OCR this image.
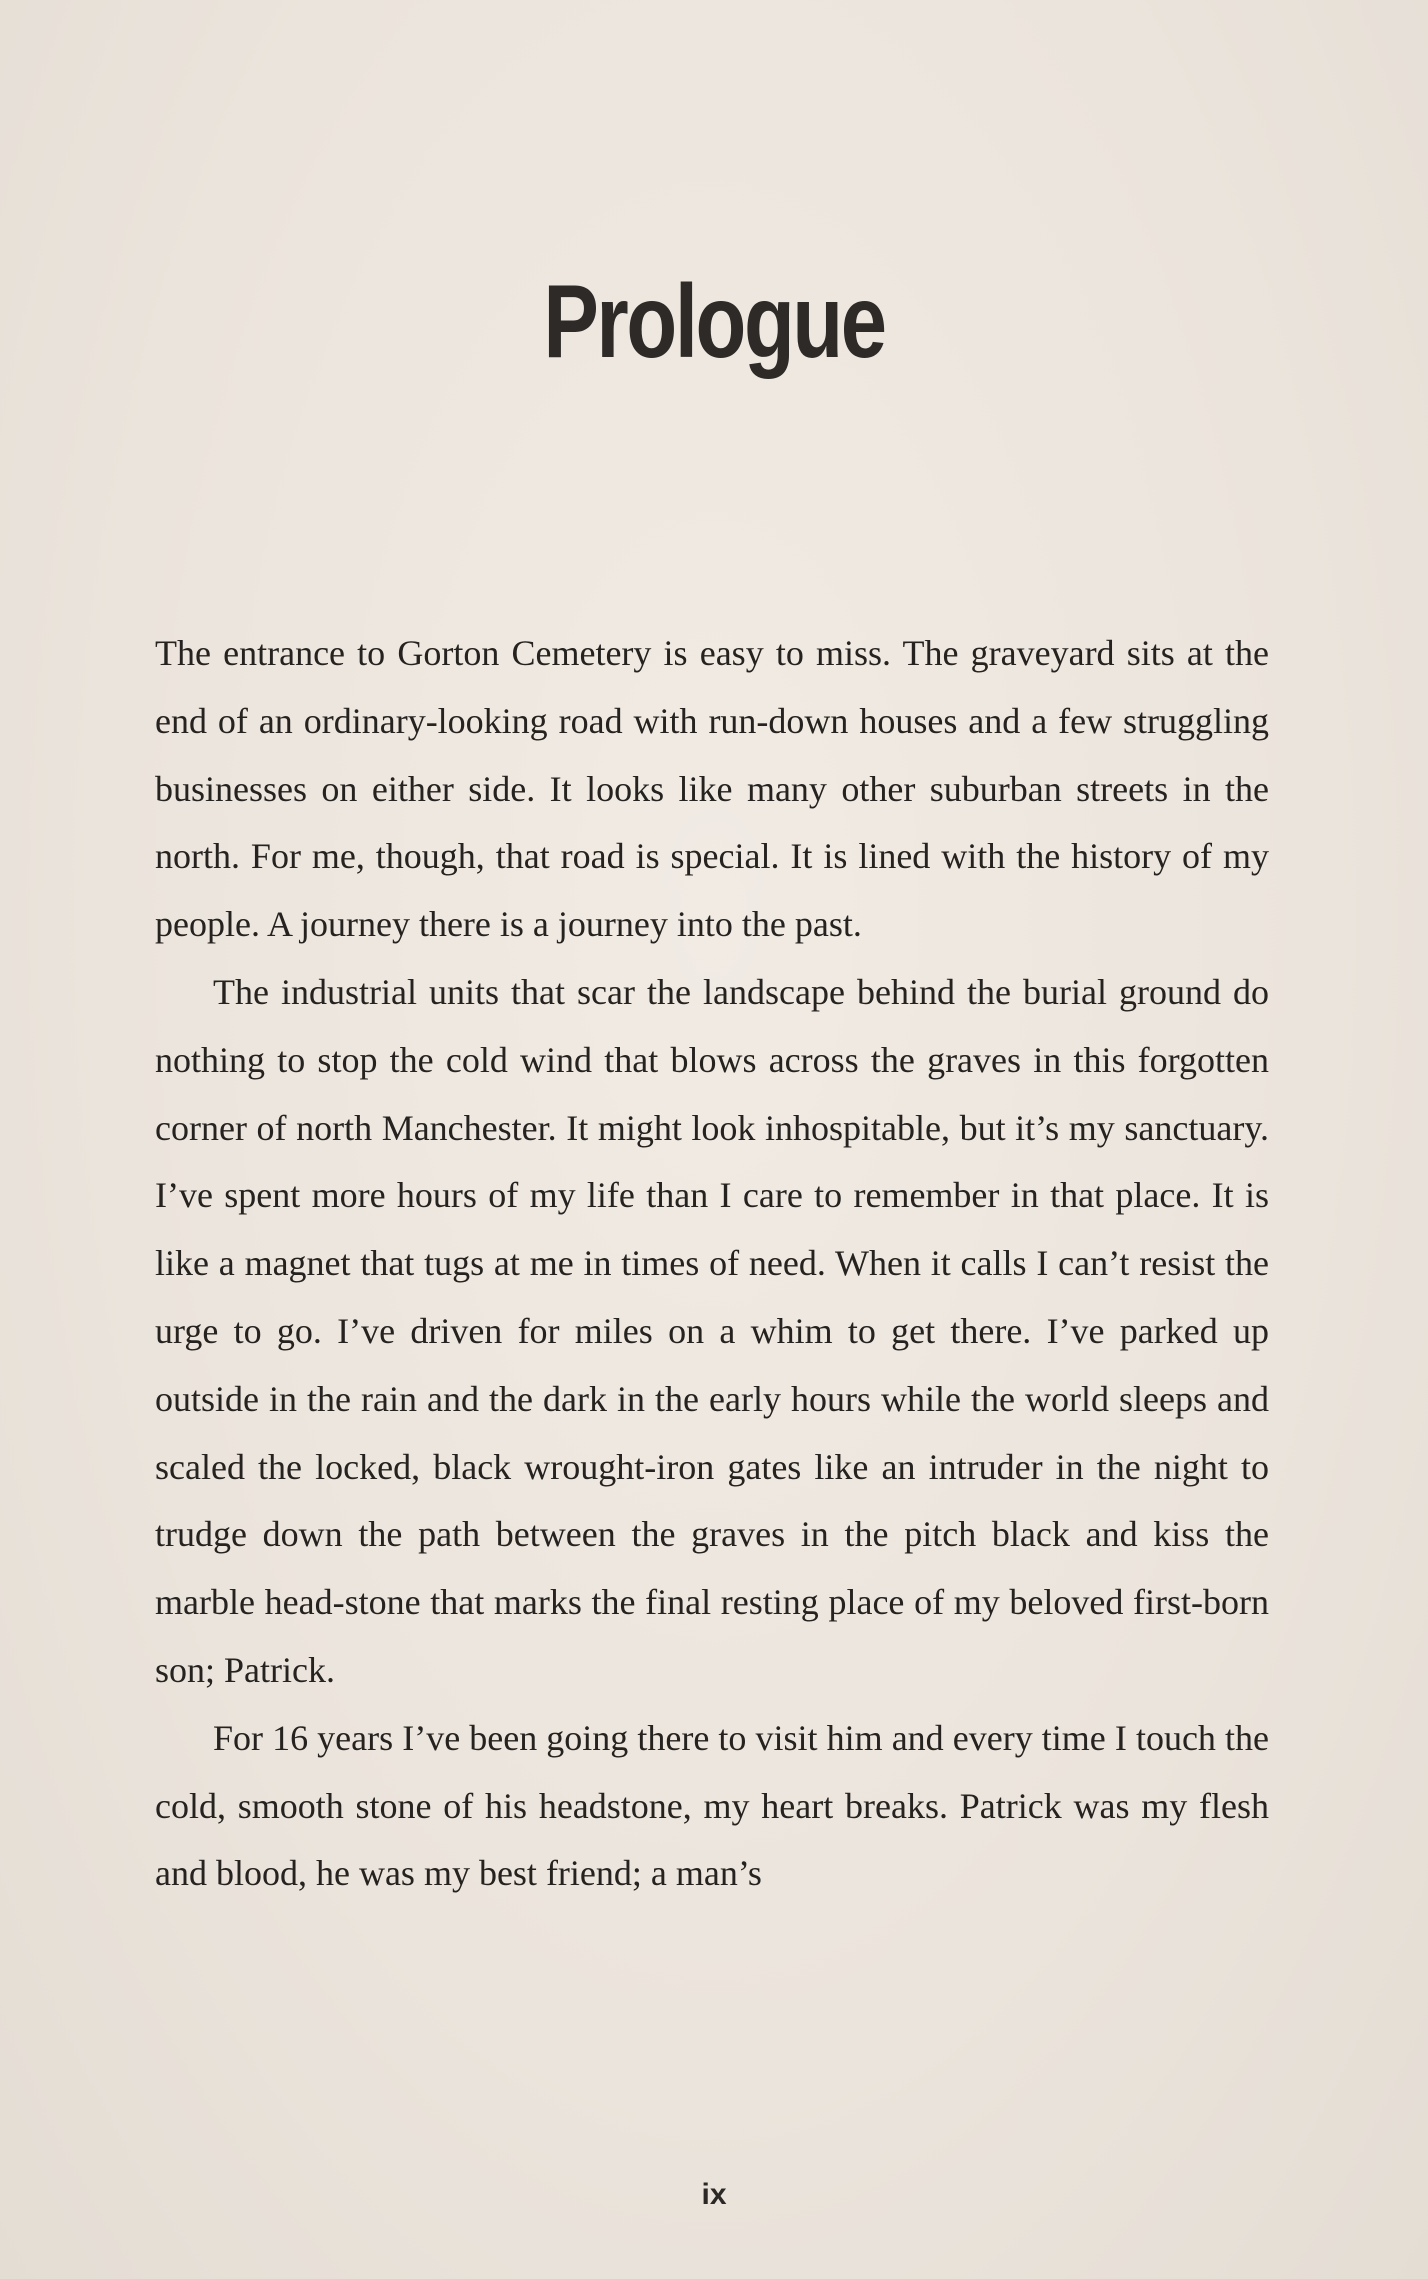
Prologue

The entrance to Gorton Cemetery is easy to miss. The graveyard sits at the end of an ordinary-looking road with run-down houses and a few struggling businesses on either side. It looks like many other suburban streets in the north. For me, though, that road is special. It is lined with the history of my people. A journey there is a journey into the past.

The industrial units that scar the landscape behind the burial ground do nothing to stop the cold wind that blows across the graves in this forgotten corner of north Manchester. It might look inhospitable, but it’s my sanctuary. I’ve spent more hours of my life than I care to remember in that place. It is like a magnet that tugs at me in times of need. When it calls I can’t resist the urge to go. I’ve driven for miles on a whim to get there. I’ve parked up outside in the rain and the dark in the early hours while the world sleeps and scaled the locked, black wrought-iron gates like an intruder in the night to trudge down the path between the graves in the pitch black and kiss the marble head-stone that marks the final resting place of my beloved first-born son; Patrick.

For 16 years I’ve been going there to visit him and every time I touch the cold, smooth stone of his headstone, my heart breaks. Patrick was my flesh and blood, he was my best friend; a man’s

ix
